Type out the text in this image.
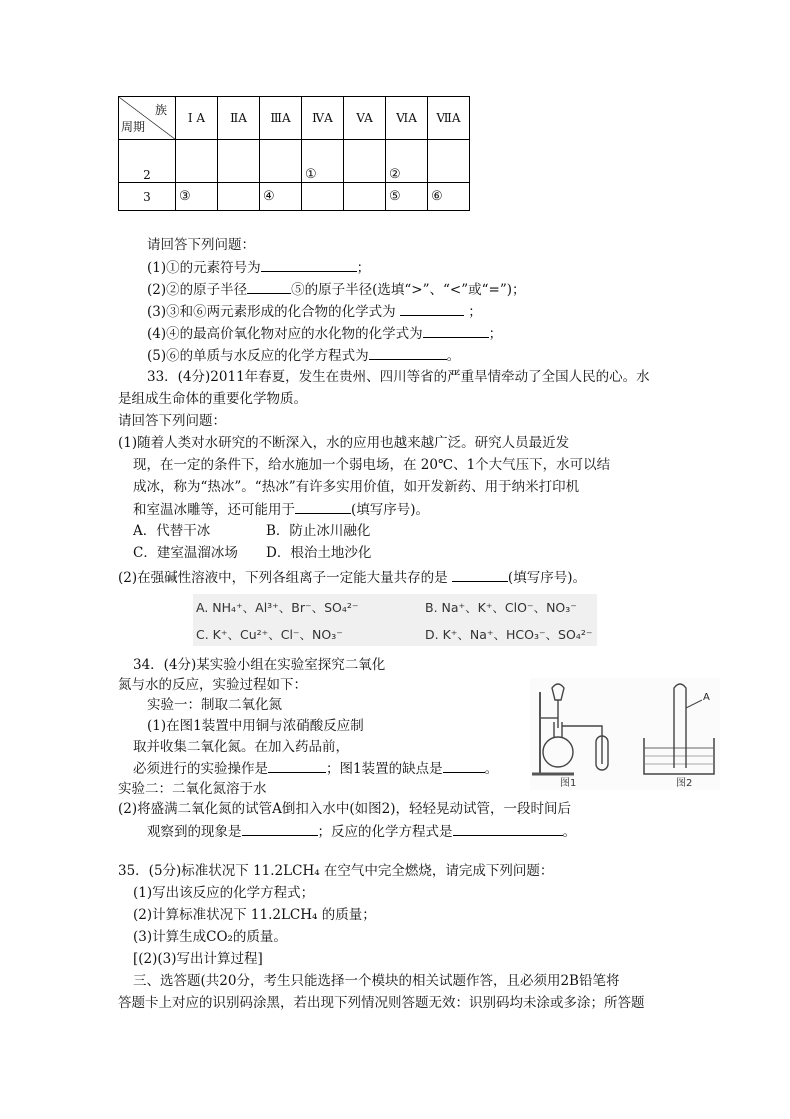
族
周期	Ⅰ A	ⅡA	ⅢA	ⅣA	VA	ⅥA	ⅦA
2				①		②	
3	③		④			⑤	⑥
请回答下列问题：
(1)①的元素符号为	；
(2)②的原子半径	⑤的原子半径(选填“>”、“<”或“=”)；
(3)③和⑥两元素形成的化合物的化学式为	；
(4)④的最高价氧化物对应的水化物的化学式为	；
(5)⑥的单质与水反应的化学方程式为	。
33．(4分)2011年春夏，发生在贵州、四川等省的严重旱情牵动了全国人民的心。水
是组成生命体的重要化学物质。
请回答下列问题：
(1)随着人类对水研究的不断深入，水的应用也越来越广泛。研究人员最近发
现，在一定的条件下，给水施加一个弱电场，在 20℃、1个大气压下，水可以结
成冰，称为“热冰”。“热冰”有许多实用价值，如开发新药、用于纳米打印机
和室温冰雕等，还可能用于	(填写序号)。
A．代替干冰	B．防止冰川融化
C．建室温溜冰场 D．根治土地沙化
(2)在强碱性溶液中，下列各组离子一定能大量共存的是	(填写序号)。
A. NH₄⁺、Al³⁺、Br⁻、SO₄²⁻	B. Na⁺、K⁺、ClO⁻、NO₃⁻
C. K⁺、Cu²⁺、Cl⁻、NO₃⁻	D. K⁺、Na⁺、HCO₃⁻、SO₄²⁻
34．(4分)某实验小组在实验室探究二氧化
氮与水的反应，实验过程如下：
实验一：制取二氧化氮
(1)在图1装置中用铜与浓硝酸反应制
取并收集二氧化氮。在加入药品前，
必须进行的实验操作是	；图1装置的缺点是	。
实验二：二氧化氮溶于水
(2)将盛满二氧化氮的试管A倒扣入水中(如图2)，轻轻晃动试管，一段时间后
观察到的现象是	；反应的化学方程式是	。
A
图1	图2
35．(5分)标准状况下 11.2LCH₄ 在空气中完全燃烧，请完成下列问题：
(1)写出该反应的化学方程式；
(2)计算标准状况下 11.2LCH₄ 的质量；
(3)计算生成CO₂的质量。
[(2)(3)写出计算过程]
三、选答题(共20分，考生只能选择一个模块的相关试题作答，且必须用2B铅笔将
答题卡上对应的识别码涂黑，若出现下列情况则答题无效：识别码均未涂或多涂；所答题
